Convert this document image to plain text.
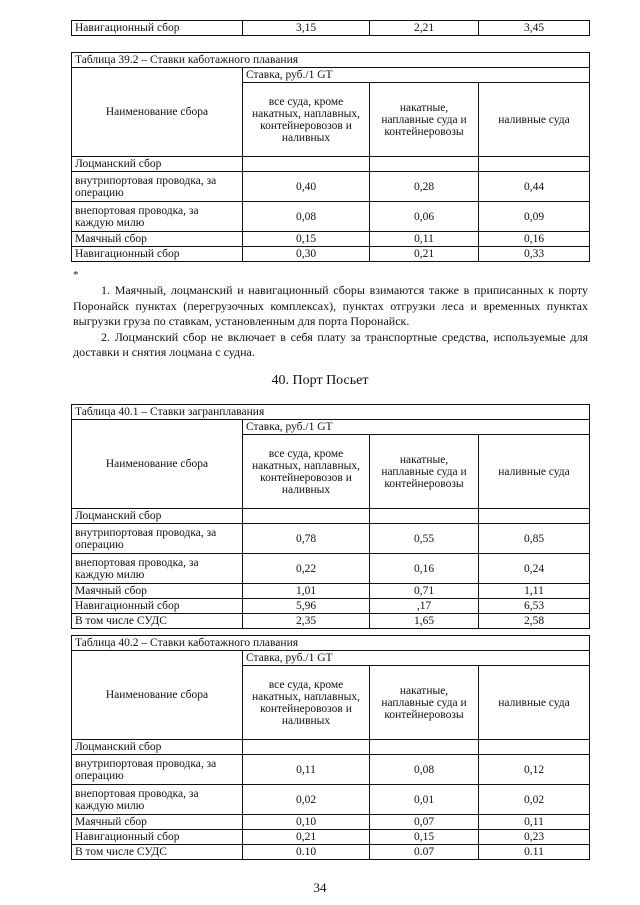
Навигационный сбор	3,15	2,21	3,45
Таблица 39.2 – Ставки каботажного плавания			
Наименование сбора	Ставка, руб./1 GT		
	все суда, кроме накатных, наплавных, контейнеровозов и наливных	накатные, наплавные суда и контейнеровозы	наливные суда
Лоцманский сбор			
внутрипортовая проводка, за операцию	0,40	0,28	0,44
внепортовая проводка, за каждую милю	0,08	0,06	0,09
Маячный сбор	0,15	0,11	0,16
Навигационный сбор	0,30	0,21	0,33
*

1. Маячный, лоцманский и навигационный сборы взимаются также в приписанных к порту Поронайск пунктах (перегрузочных комплексах), пунктах отгрузки леса и временных пунктах выгрузки груза по ставкам, установленным для порта Поронайск.

2. Лоцманский сбор не включает в себя плату за транспортные средства, используемые для доставки и снятия лоцмана с судна.

40. Порт Посьет
Таблица 40.1 – Ставки загранплавания			
Наименование сбора	Ставка, руб./1 GT		
	все суда, кроме накатных, наплавных, контейнеровозов и наливных	накатные, наплавные суда и контейнеровозы	наливные суда
Лоцманский сбор			
внутрипортовая проводка, за операцию	0,78	0,55	0,85
внепортовая проводка, за каждую милю	0,22	0,16	0,24
Маячный сбор	1,01	0,71	1,11
Навигационный сбор	5,96	,17	6,53
В том числе СУДС	2,35	1,65	2,58
Таблица 40.2 – Ставки каботажного плавания			
Наименование сбора	Ставка, руб./1 GT		
	все суда, кроме накатных, наплавных, контейнеровозов и наливных	накатные, наплавные суда и контейнеровозы	наливные суда
Лоцманский сбор			
внутрипортовая проводка, за операцию	0,11	0,08	0,12
внепортовая проводка, за каждую милю	0,02	0,01	0,02
Маячный сбор	0,10	0,07	0,11
Навигационный сбор	0,21	0,15	0,23
В том числе СУДС	0.10	0.07	0.11
34
